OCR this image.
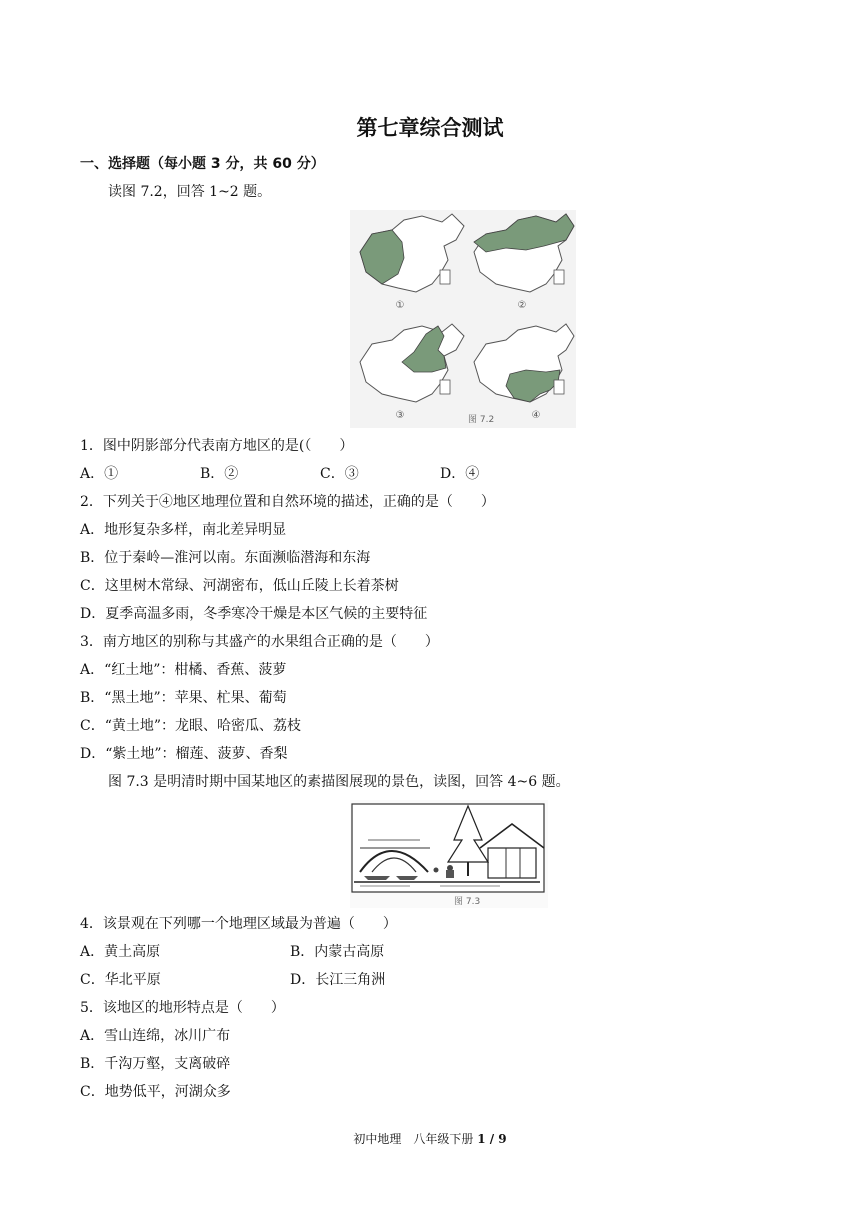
第七章综合测试
一、选择题（每小题 3 分，共 60 分）
读图 7.2，回答 1~2 题。
①	②
③	④
图 7.2
1．图中阴影部分代表南方地区的是(（　　）
A．①	B．②	C．③	D．④
2．下列关于④地区地理位置和自然环境的描述，正确的是（　　）
A．地形复杂多样，南北差异明显
B．位于秦岭—淮河以南。东面濒临潜海和东海
C．这里树木常绿、河湖密布，低山丘陵上长着茶树
D．夏季高温多雨，冬季寒冷干燥是本区气候的主要特征
3．南方地区的别称与其盛产的水果组合正确的是（　　）
A．“红土地”：柑橘、香蕉、菠萝
B．“黑土地”：苹果、杧果、葡萄
C．“黄土地”：龙眼、哈密瓜、荔枝
D．“紫土地”：榴莲、菠萝、香梨
图 7.3 是明清时期中国某地区的素描图展现的景色，读图，回答 4~6 题。
图 7.3
4．该景观在下列哪一个地理区域最为普遍（　　）
A．黄土高原	B．内蒙古高原
C．华北平原	D．长江三角洲
5．该地区的地形特点是（　　）
A．雪山连绵，冰川广布
B．千沟万壑，支离破碎
C．地势低平，河湖众多
初中地理　八年级下册 1 / 9
